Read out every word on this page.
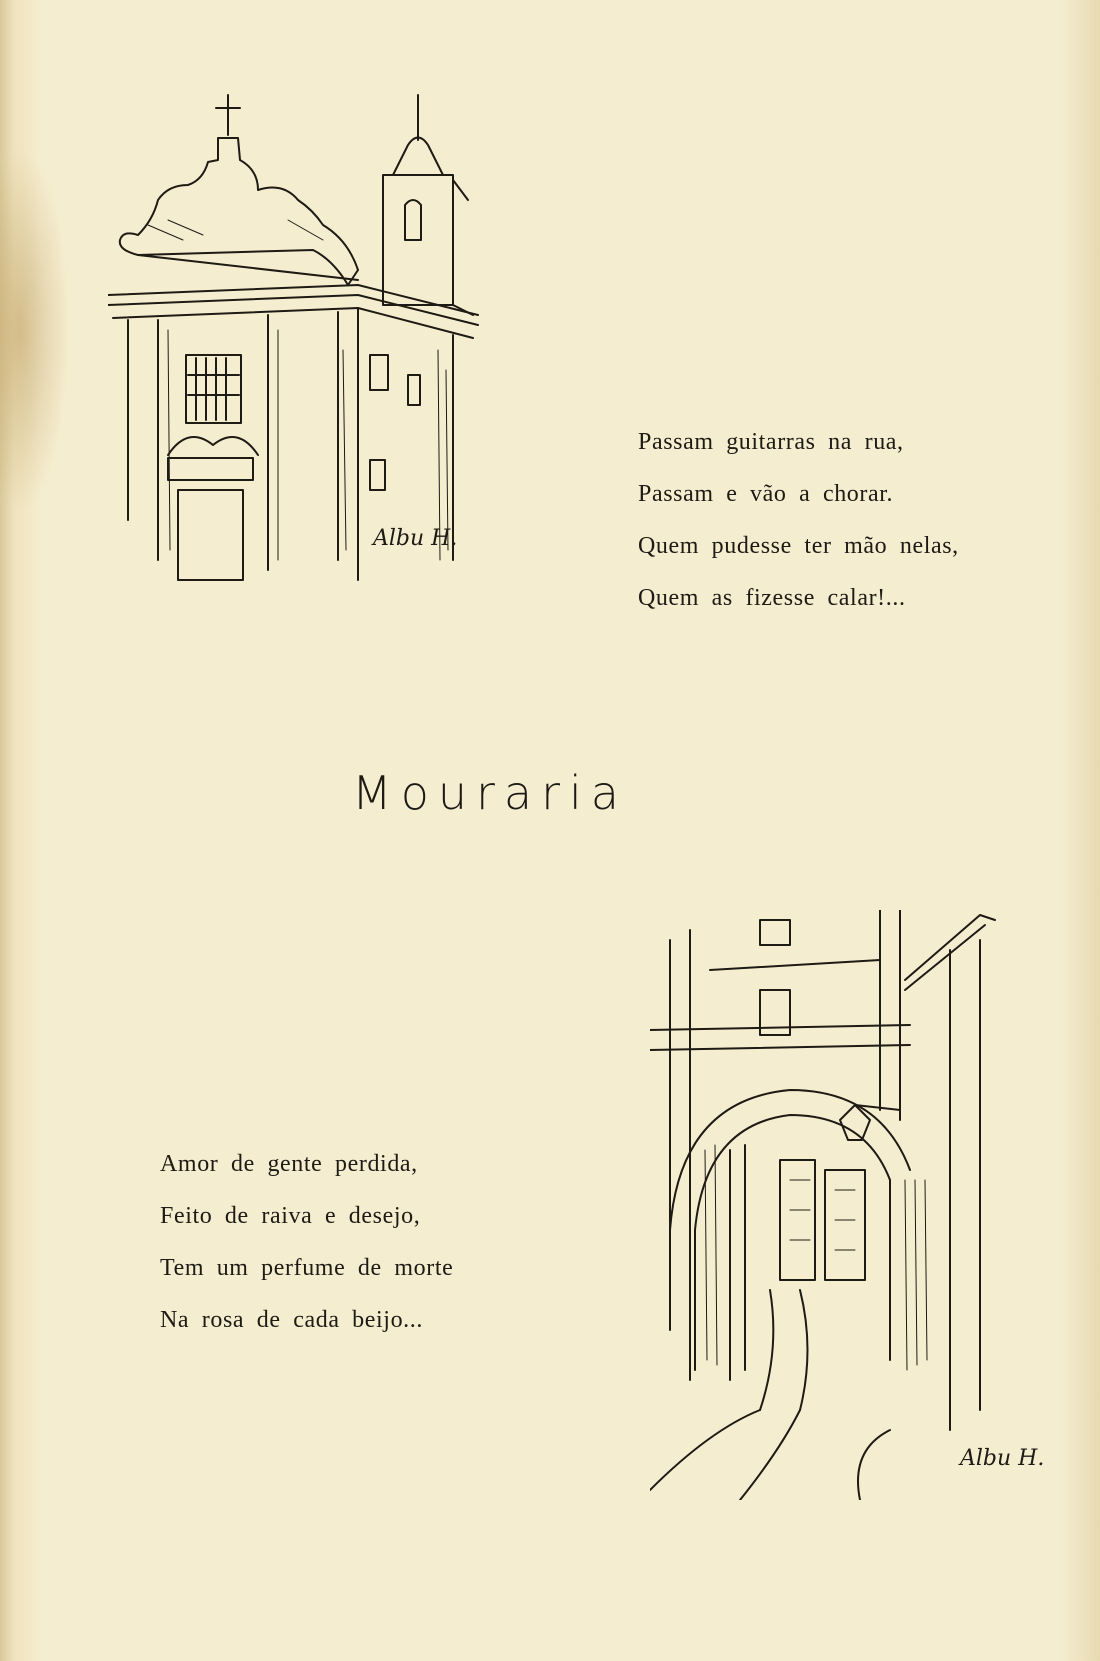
Albu H.
Passam guitarras na rua,
Passam e vão a chorar.
Quem pudesse ter mão nelas,
Quem as fizesse calar!...
Mouraria
Amor de gente perdida,
Feito de raiva e desejo,
Tem um perfume de morte
Na rosa de cada beijo...
Albu H.
